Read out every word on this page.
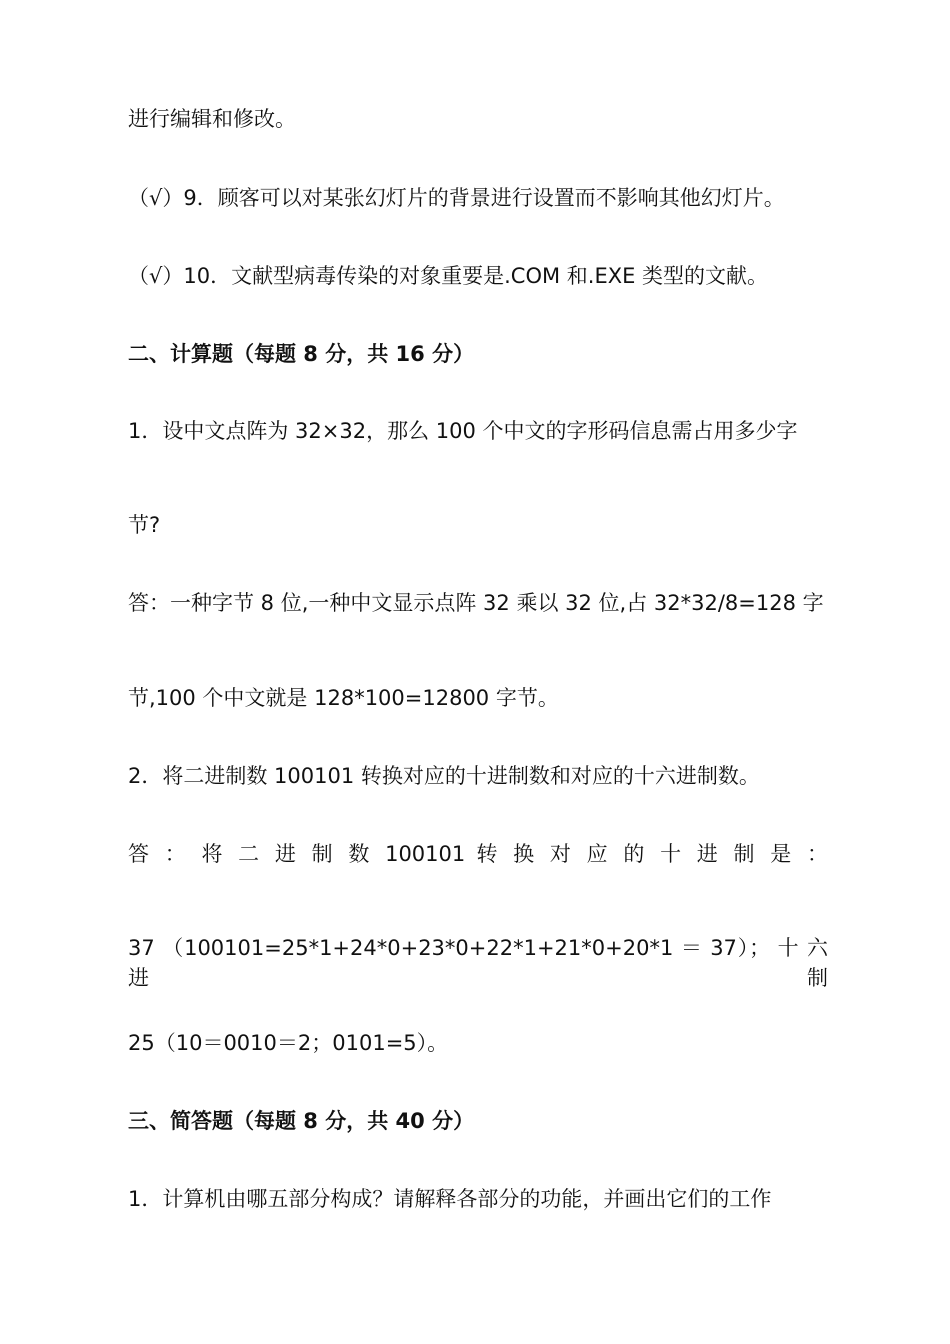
进行编辑和修改。
（√）9．顾客可以对某张幻灯片的背景进行设置而不影响其他幻灯片。
（√）10．文献型病毒传染的对象重要是.COM 和.EXE 类型的文献。
二、计算题（每题 8 分，共 16 分）
1．设中文点阵为 32×32，那么 100 个中文的字形码信息需占用多少字
节?
答：一种字节 8 位,一种中文显示点阵 32 乘以 32 位,占 32*32/8=128 字
节,100 个中文就是 128*100=12800 字节。
2．将二进制数 100101 转换对应的十进制数和对应的十六进制数。
答 ： 将 二 进 制 数 100101 转 换 对 应 的 十 进 制 是 ：
37 （100101=25*1+24*0+23*0+22*1+21*0+20*1 ＝ 37）； 十 六 进 制
25（10＝0010＝2；0101=5）。
三、简答题（每题 8 分，共 40 分）
1．计算机由哪五部分构成？请解释各部分的功能，并画出它们的工作
